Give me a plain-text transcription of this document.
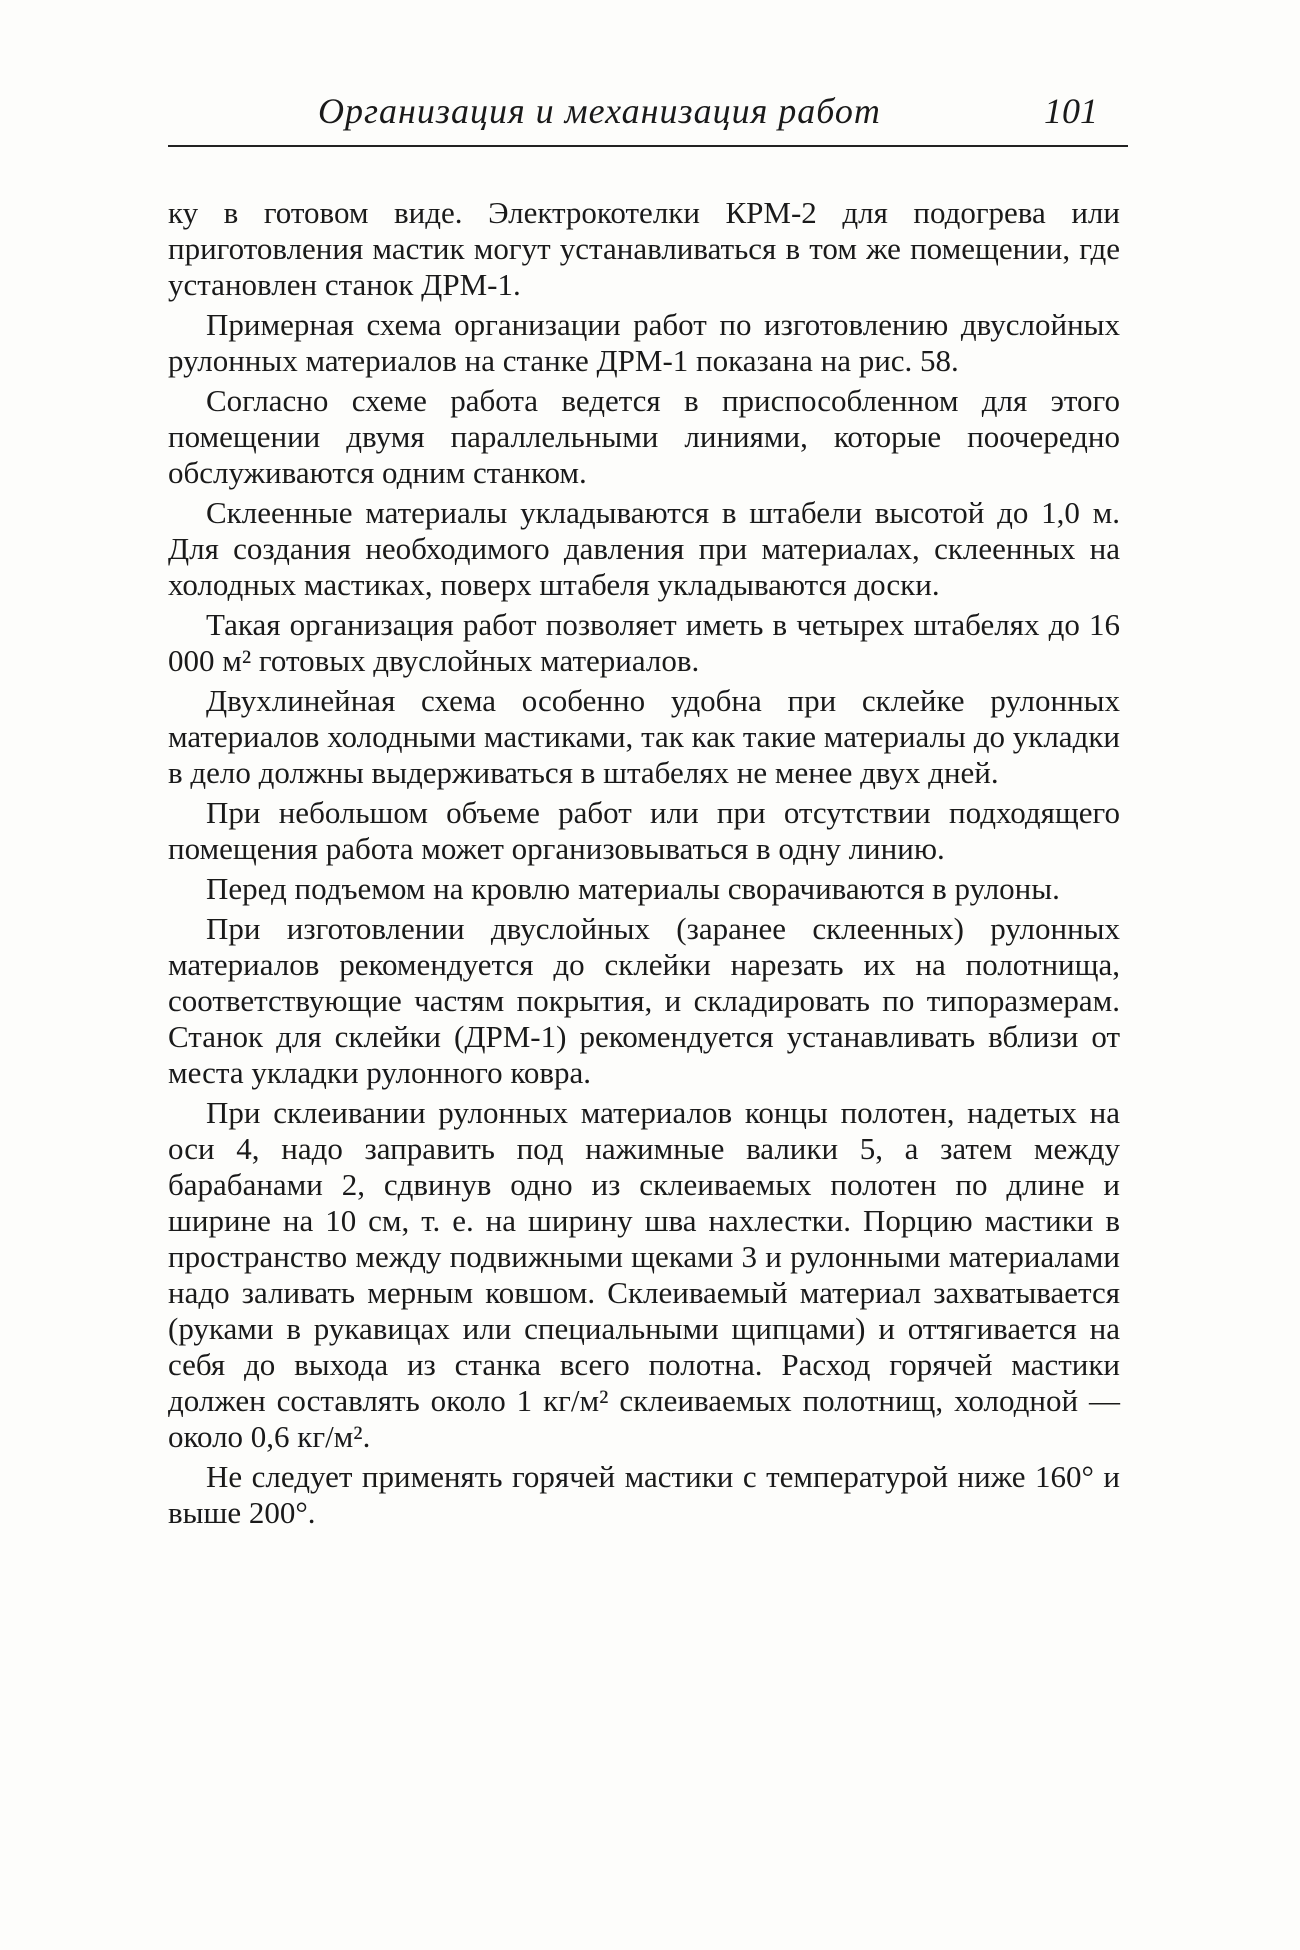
Организация и механизация работ	101

ку в готовом виде. Электрокотелки КРМ-2 для подогрева или приготовления мастик могут устанавливаться в том же помещении, где установлен станок ДРМ-1.

Примерная схема организации работ по изготовлению двуслойных рулонных материалов на станке ДРМ-1 показана на рис. 58.

Согласно схеме работа ведется в приспособленном для этого помещении двумя параллельными линиями, которые поочередно обслуживаются одним станком.

Склеенные материалы укладываются в штабели высотой до 1,0 м. Для создания необходимого давления при материалах, склеенных на холодных мастиках, поверх штабеля укладываются доски.

Такая организация работ позволяет иметь в четырех штабелях до 16 000 м² готовых двуслойных материалов.

Двухлинейная схема особенно удобна при склейке рулонных материалов холодными мастиками, так как такие материалы до укладки в дело должны выдерживаться в штабелях не менее двух дней.

При небольшом объеме работ или при отсутствии подходящего помещения работа может организовываться в одну линию.

Перед подъемом на кровлю материалы сворачиваются в рулоны.

При изготовлении двуслойных (заранее склеенных) рулонных материалов рекомендуется до склейки нарезать их на полотнища, соответствующие частям покрытия, и складировать по типоразмерам. Станок для склейки (ДРМ-1) рекомендуется устанавливать вблизи от места укладки рулонного ковра.

При склеивании рулонных материалов концы полотен, надетых на оси 4, надо заправить под нажимные валики 5, а затем между барабанами 2, сдвинув одно из склеиваемых полотен по длине и ширине на 10 см, т. е. на ширину шва нахлестки. Порцию мастики в пространство между подвижными щеками 3 и рулонными материалами надо заливать мерным ковшом. Склеиваемый материал захватывается (руками в рукавицах или специальными щипцами) и оттягивается на себя до выхода из станка всего полотна. Расход горячей мастики должен составлять около 1 кг/м² склеиваемых полотнищ, холодной — около 0,6 кг/м².

Не следует применять горячей мастики с температурой ниже 160° и выше 200°.
